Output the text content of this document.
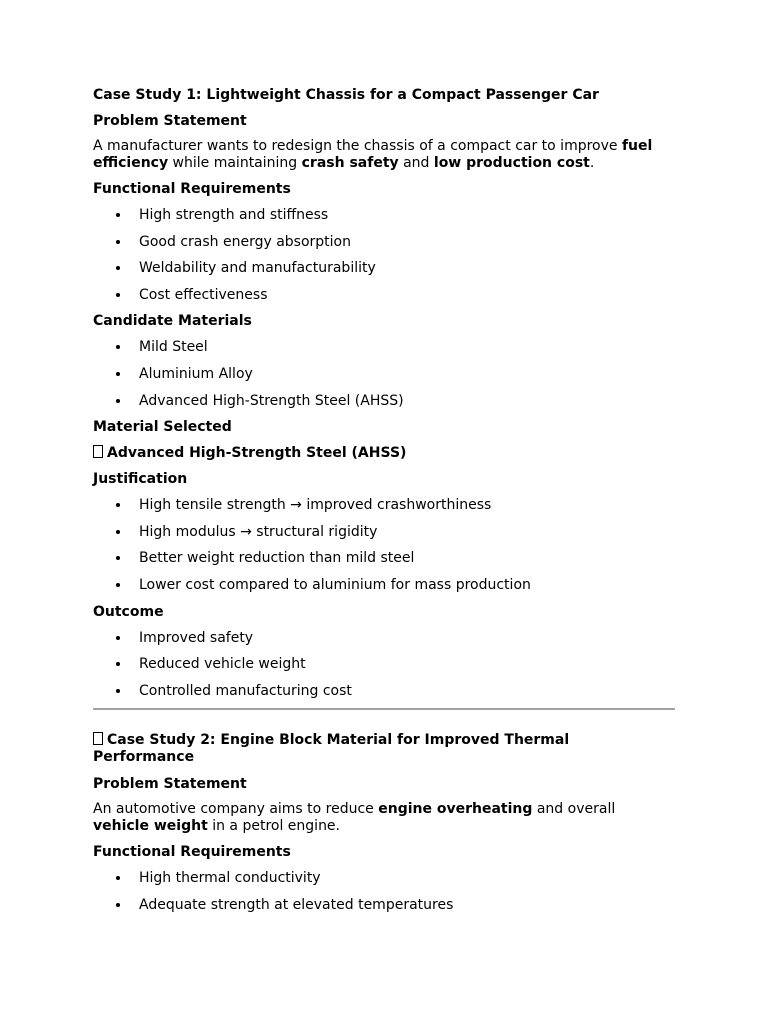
Case Study 1: Lightweight Chassis for a Compact Passenger Car
Problem Statement

A manufacturer wants to redesign the chassis of a compact car to improve fuel efficiency while maintaining crash safety and low production cost.

Functional Requirements
High strength and stiffness
Good crash energy absorption
Weldability and manufacturability
Cost effectiveness
Candidate Materials
Mild Steel
Aluminium Alloy
Advanced High-Strength Steel (AHSS)
Material Selected
Advanced High-Strength Steel (AHSS)
Justification
High tensile strength → improved crashworthiness
High modulus → structural rigidity
Better weight reduction than mild steel
Lower cost compared to aluminium for mass production
Outcome
Improved safety
Reduced vehicle weight
Controlled manufacturing cost
Case Study 2: Engine Block Material for Improved Thermal Performance
Problem Statement

An automotive company aims to reduce engine overheating and overall vehicle weight in a petrol engine.

Functional Requirements
High thermal conductivity
Adequate strength at elevated temperatures
